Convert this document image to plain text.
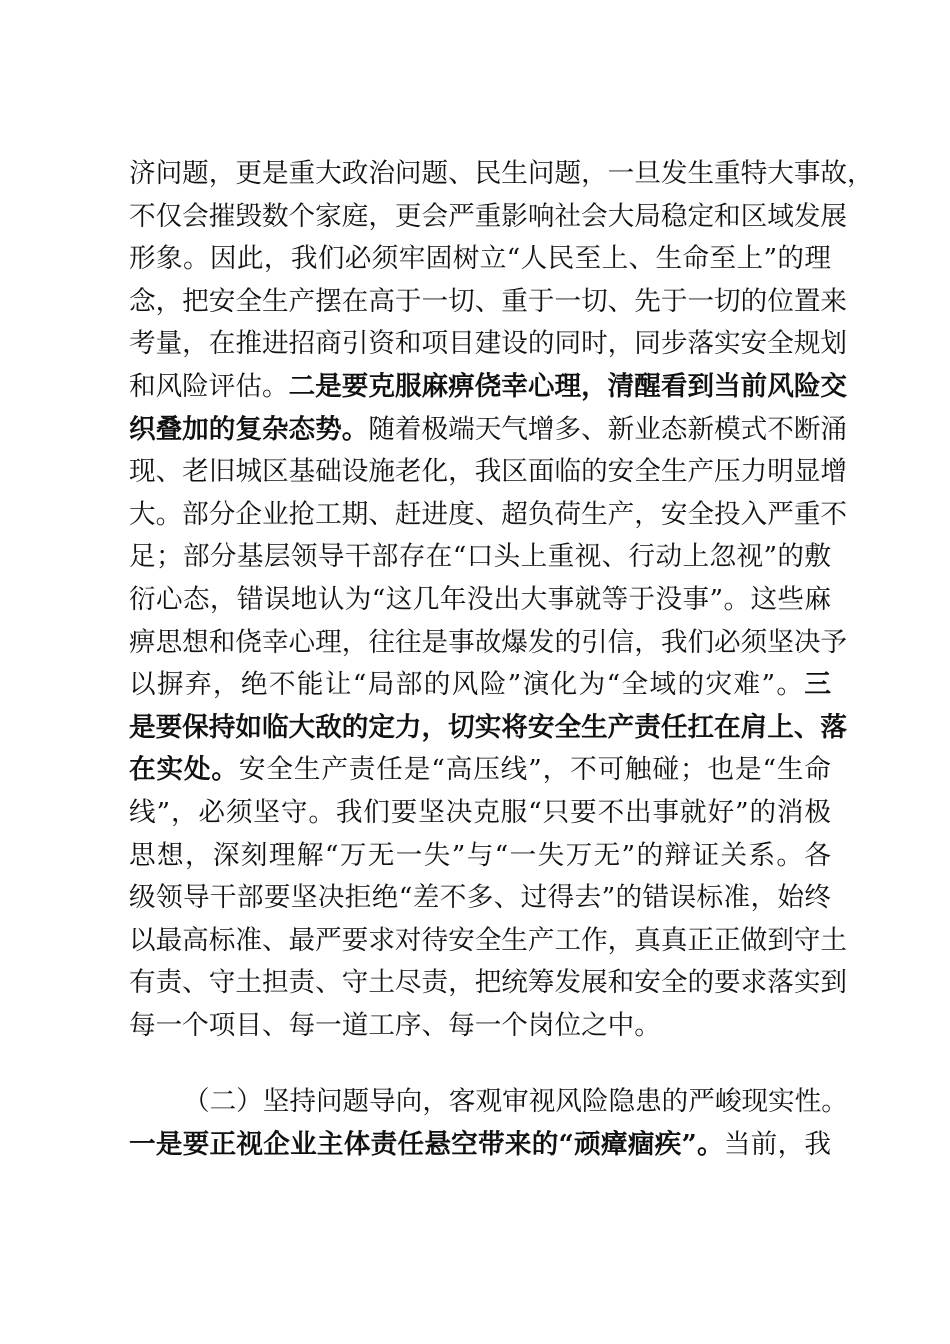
济问题，更是重大政治问题、民生问题，一旦发生重特大事故，
不仅会摧毁数个家庭，更会严重影响社会大局稳定和区域发展
形象。因此，我们必须牢固树立“人民至上、生命至上”的理
念，把安全生产摆在高于一切、重于一切、先于一切的位置来
考量，在推进招商引资和项目建设的同时，同步落实安全规划
和风险评估。二是要克服麻痹侥幸心理，清醒看到当前风险交
织叠加的复杂态势。随着极端天气增多、新业态新模式不断涌
现、老旧城区基础设施老化，我区面临的安全生产压力明显增
大。部分企业抢工期、赶进度、超负荷生产，安全投入严重不
足；部分基层领导干部存在“口头上重视、行动上忽视”的敷
衍心态，错误地认为“这几年没出大事就等于没事”。这些麻
痹思想和侥幸心理，往往是事故爆发的引信，我们必须坚决予
以摒弃，绝不能让“局部的风险”演化为“全域的灾难”。三
是要保持如临大敌的定力，切实将安全生产责任扛在肩上、落
在实处。安全生产责任是“高压线”，不可触碰；也是“生命
线”，必须坚守。我们要坚决克服“只要不出事就好”的消极
思想，深刻理解“万无一失”与“一失万无”的辩证关系。各
级领导干部要坚决拒绝“差不多、过得去”的错误标准，始终
以最高标准、最严要求对待安全生产工作，真真正正做到守土
有责、守土担责、守土尽责，把统筹发展和安全的要求落实到
每一个项目、每一道工序、每一个岗位之中。
（二）坚持问题导向，客观审视风险隐患的严峻现实性。
一是要正视企业主体责任悬空带来的“顽瘴痼疾”。当前，我
